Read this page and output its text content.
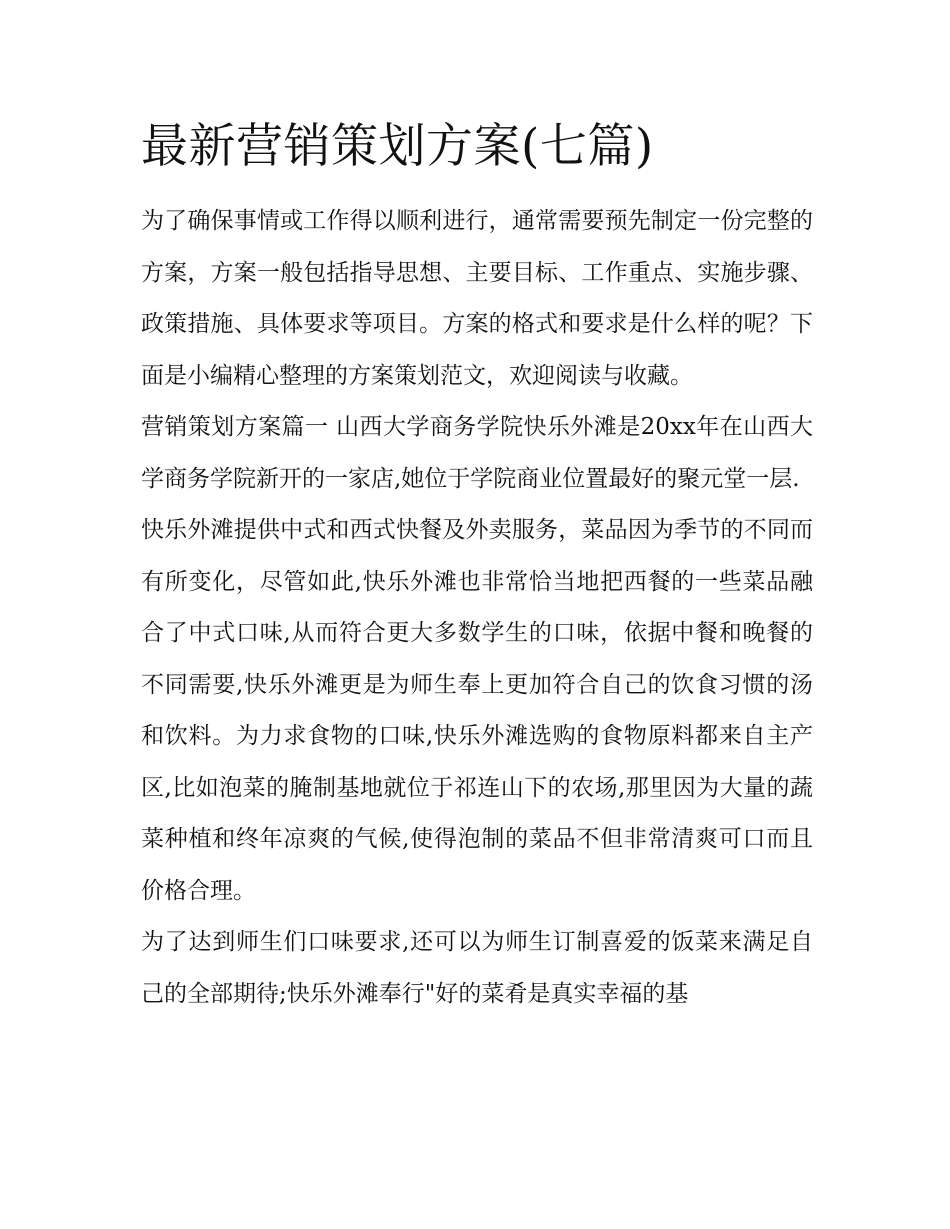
最新营销策划方案(七篇)

为了确保事情或工作得以顺利进行，通常需要预先制定一份完整的方案，方案一般包括指导思想、主要目标、工作重点、实施步骤、政策措施、具体要求等项目。方案的格式和要求是什么样的呢？下面是小编精心整理的方案策划范文，欢迎阅读与收藏。

营销策划方案篇一 山西大学商务学院快乐外滩是20xx年在山西大学商务学院新开的一家店,她位于学院商业位置最好的聚元堂一层.

快乐外滩提供中式和西式快餐及外卖服务，菜品因为季节的不同而有所变化，尽管如此,快乐外滩也非常恰当地把西餐的一些菜品融合了中式口味,从而符合更大多数学生的口味，依据中餐和晚餐的不同需要,快乐外滩更是为师生奉上更加符合自己的饮食习惯的汤和饮料。为力求食物的口味,快乐外滩选购的食物原料都来自主产区,比如泡菜的腌制基地就位于祁连山下的农场,那里因为大量的蔬菜种植和终年凉爽的气候,使得泡制的菜品不但非常清爽可口而且价格合理。

为了达到师生们口味要求,还可以为师生订制喜爱的饭菜来满足自己的全部期待;快乐外滩奉行"好的菜肴是真实幸福的基
